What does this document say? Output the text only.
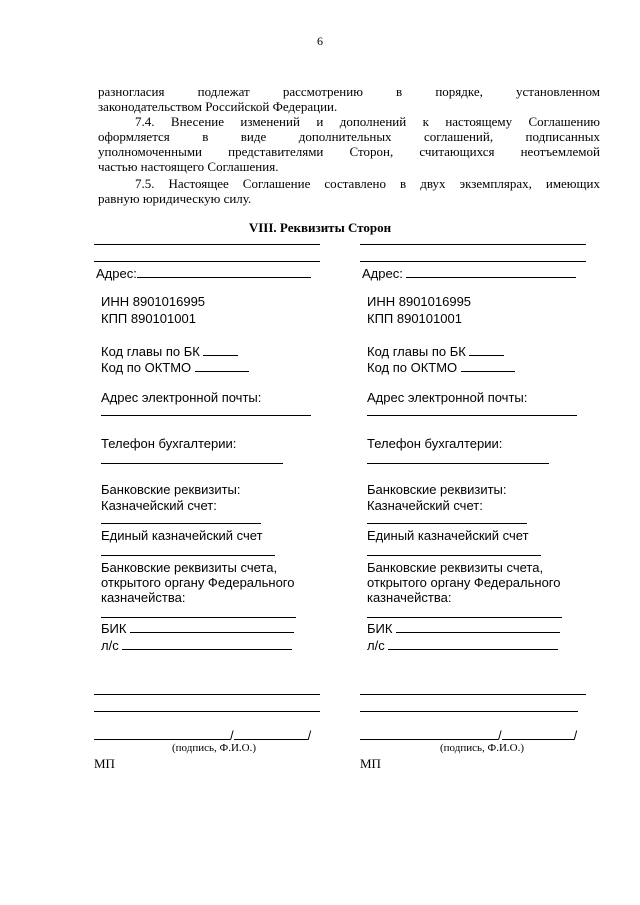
6
разногласия подлежат рассмотрению в порядке, установленном
законодательством Российской Федерации.
7.4. Внесение изменений и дополнений к настоящему Соглашению
оформляется в виде дополнительных соглашений, подписанных
уполномоченными представителями Сторон, считающихся неотъемлемой
частью настоящего Соглашения.
7.5. Настоящее Соглашение составлено в двух экземплярах, имеющих
равную юридическую силу.
VIII. Реквизиты Сторон
Адрес:
ИНН 8901016995
КПП 890101001
Код главы по БК
Код по ОКТМО
Адрес электронной почты:
Телефон бухгалтерии:
Банковские реквизиты:
Казначейский счет:
Единый казначейский счет
Банковские реквизиты счета,
открытого органу Федерального
казначейства:
БИК
л/с
/	/
(подпись, Ф.И.О.)
МП
Адрес:
ИНН 8901016995
КПП 890101001
Код главы по БК
Код по ОКТМО
Адрес электронной почты:
Телефон бухгалтерии:
Банковские реквизиты:
Казначейский счет:
Единый казначейский счет
Банковские реквизиты счета,
открытого органу Федерального
казначейства:
БИК
л/с
/	/
(подпись, Ф.И.О.)
МП
